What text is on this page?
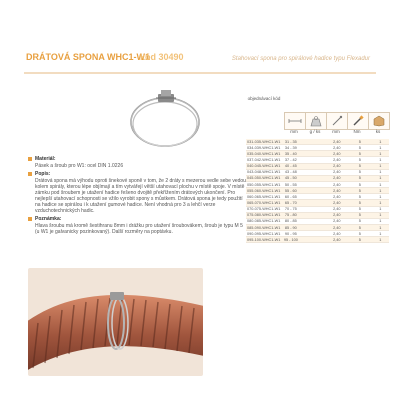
DRÁTOVÁ SPONA WHC1-W1
kód 30490	Stahovací spona pro spirálové hadice typu Flexadur
objednávací kód
mm	g / ks	mm	Nm	ks
031-035-WHC1-W1	31 - 35		2,40	5	1
034-039-WHC1-W1	34 - 39		2,40	5	1
035-040-WHC1-W1	35 - 40		2,40	5	1
037-042-WHC1-W1	37 - 42		2,40	5	1
040-045-WHC1-W1	40 - 45		2,40	5	1
043-048-WHC1-W1	43 - 48		2,40	5	1
045-050-WHC1-W1	45 - 50		2,40	5	1
050-055-WHC1-W1	50 - 55		2,40	5	1
055-060-WHC1-W1	55 - 60		2,40	5	1
060-065-WHC1-W1	60 - 65		2,40	5	1
065-070-WHC1-W1	65 - 70		2,40	5	1
070-075-WHC1-W1	70 - 75		2,40	5	1
075-080-WHC1-W1	75 - 80		2,40	5	1
080-085-WHC1-W1	80 - 85		2,40	5	1
085-090-WHC1-W1	85 - 90		2,40	5	1
090-095-WHC1-W1	90 - 95		2,40	5	1
095-100-WHC1-W1	95 - 100		2,40	5	1
Materiál:
Pásek a šroub pro W1: ocel DIN 1.0226
Popis:
Drátová spona má výhodu oproti šnekové sponě v tom, že 2 dráty s mezerou vedle sebe vedou kolem spirály, kterou lépe objímají a tím vytvářejí větší utahovací plochu v místě spoje. V místě zámku pod šroubem je utažení hadice řešeno dvojitě překřížením drátových ukončení. Pro nejlepší utahovací schopnosti se vžilo vyrobit spony s můstkem. Drátová spona je tedy použití na hadice se spirálou i k utažení gumové hadice. Není vhodná pro 3 a lehčí verze vzduchotechnických hadic.
Poznámka:
Hlava šroubu má kromě šestihranu 8mm i drážku pro utažení šroubovákem, šroub je typu M 5 (u W1 je galvanicky pozinkovaný). Další rozměry na poptávku.
